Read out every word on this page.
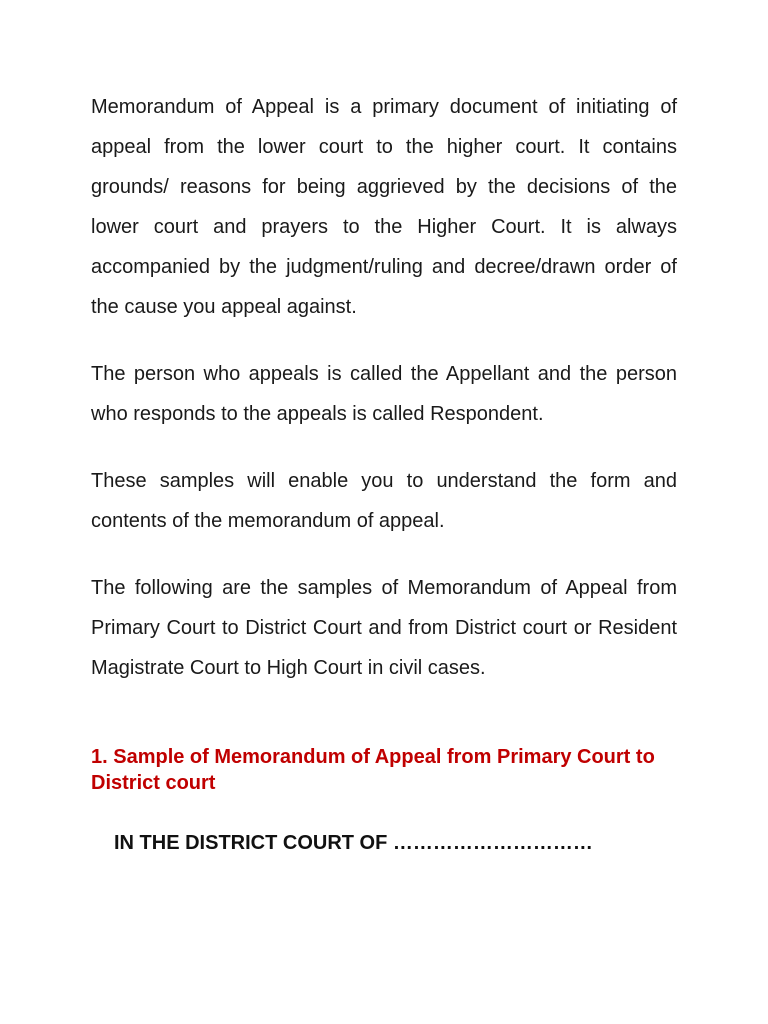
Memorandum of Appeal is a primary document of initiating of appeal from the lower court to the higher court. It contains grounds/ reasons for being aggrieved by the decisions of the lower court and prayers to the Higher Court. It is always accompanied by the judgment/ruling and decree/drawn order of the cause you appeal against.

The person who appeals is called the Appellant and the person who responds to the appeals is called Respondent.

These samples will enable you to understand the form and contents of the memorandum of appeal.

The following are the samples of Memorandum of Appeal from Primary Court to District Court and from District court or Resident Magistrate Court to High Court in civil cases.

1. Sample of Memorandum of Appeal from Primary Court to District court

IN THE DISTRICT COURT OF …………………………
